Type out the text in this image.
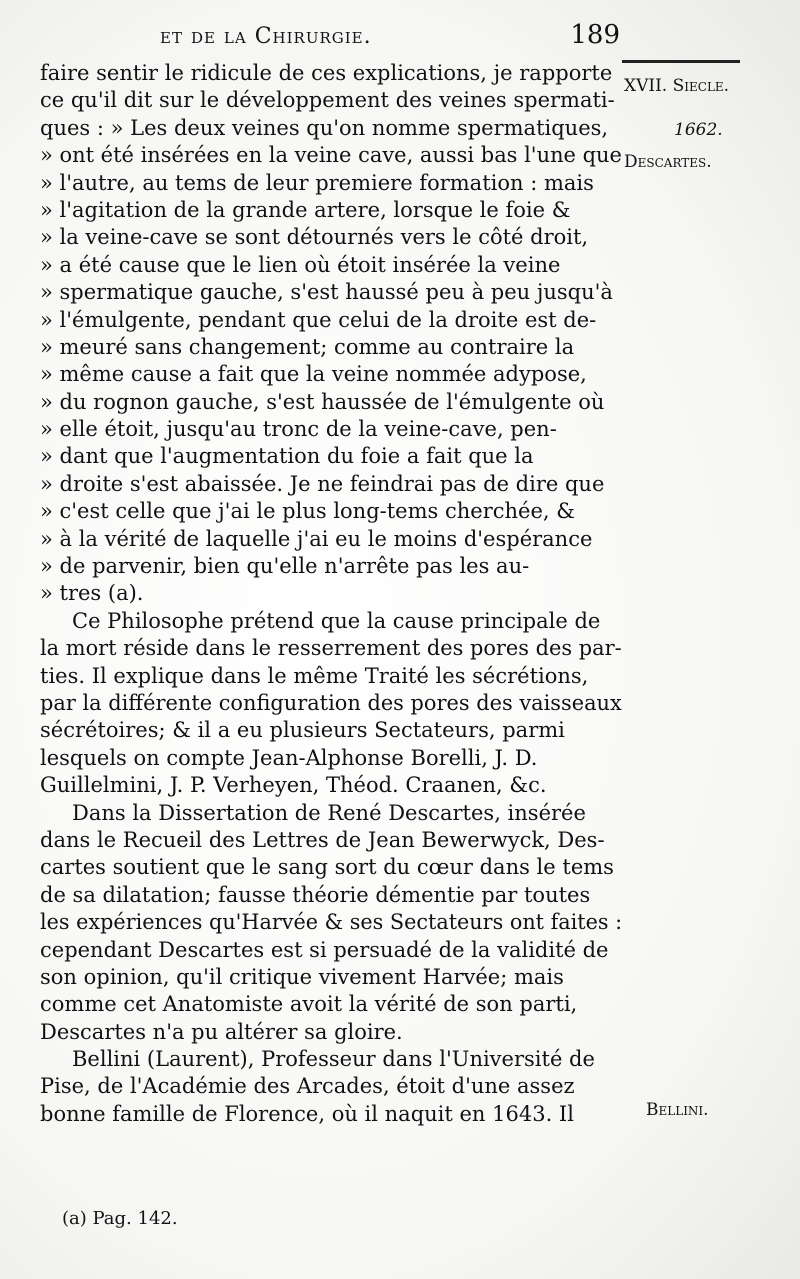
et de la Chirurgie.	189
XVII. Siecle.
1662.
Descartes.
Bellini.
faire sentir le ridicule de ces explications, je rapporte
ce qu'il dit sur le développement des veines spermati-
ques : » Les deux veines qu'on nomme spermatiques,
» ont été insérées en la veine cave, aussi bas l'une que
» l'autre, au tems de leur premiere formation : mais
» l'agitation de la grande artere, lorsque le foie &
» la veine-cave se sont détournés vers le côté droit,
» a été cause que le lien où étoit insérée la veine
» spermatique gauche, s'est haussé peu à peu jusqu'à
» l'émulgente, pendant que celui de la droite est de-
» meuré sans changement; comme au contraire la
» même cause a fait que la veine nommée adypose,
» du rognon gauche, s'est haussée de l'émulgente où
» elle étoit, jusqu'au tronc de la veine-cave, pen-
» dant que l'augmentation du foie a fait que la
» droite s'est abaissée. Je ne feindrai pas de dire que
» c'est celle que j'ai le plus long-tems cherchée, &
» à la vérité de laquelle j'ai eu le moins d'espérance
» de parvenir, bien qu'elle n'arrête pas les au-
» tres (a).
Ce Philosophe prétend que la cause principale de
la mort réside dans le resserrement des pores des par-
ties. Il explique dans le même Traité les sécrétions,
par la différente configuration des pores des vaisseaux
sécrétoires; & il a eu plusieurs Sectateurs, parmi
lesquels on compte Jean-Alphonse Borelli, J. D.
Guillelmini, J. P. Verheyen, Théod. Craanen, &c.
Dans la Dissertation de René Descartes, insérée
dans le Recueil des Lettres de Jean Bewerwyck, Des-
cartes soutient que le sang sort du cœur dans le tems
de sa dilatation; fausse théorie démentie par toutes
les expériences qu'Harvée & ses Sectateurs ont faites :
cependant Descartes est si persuadé de la validité de
son opinion, qu'il critique vivement Harvée; mais
comme cet Anatomiste avoit la vérité de son parti,
Descartes n'a pu altérer sa gloire.
Bellini (Laurent), Professeur dans l'Université de
Pise, de l'Académie des Arcades, étoit d'une assez
bonne famille de Florence, où il naquit en 1643. Il
(a) Pag. 142.
